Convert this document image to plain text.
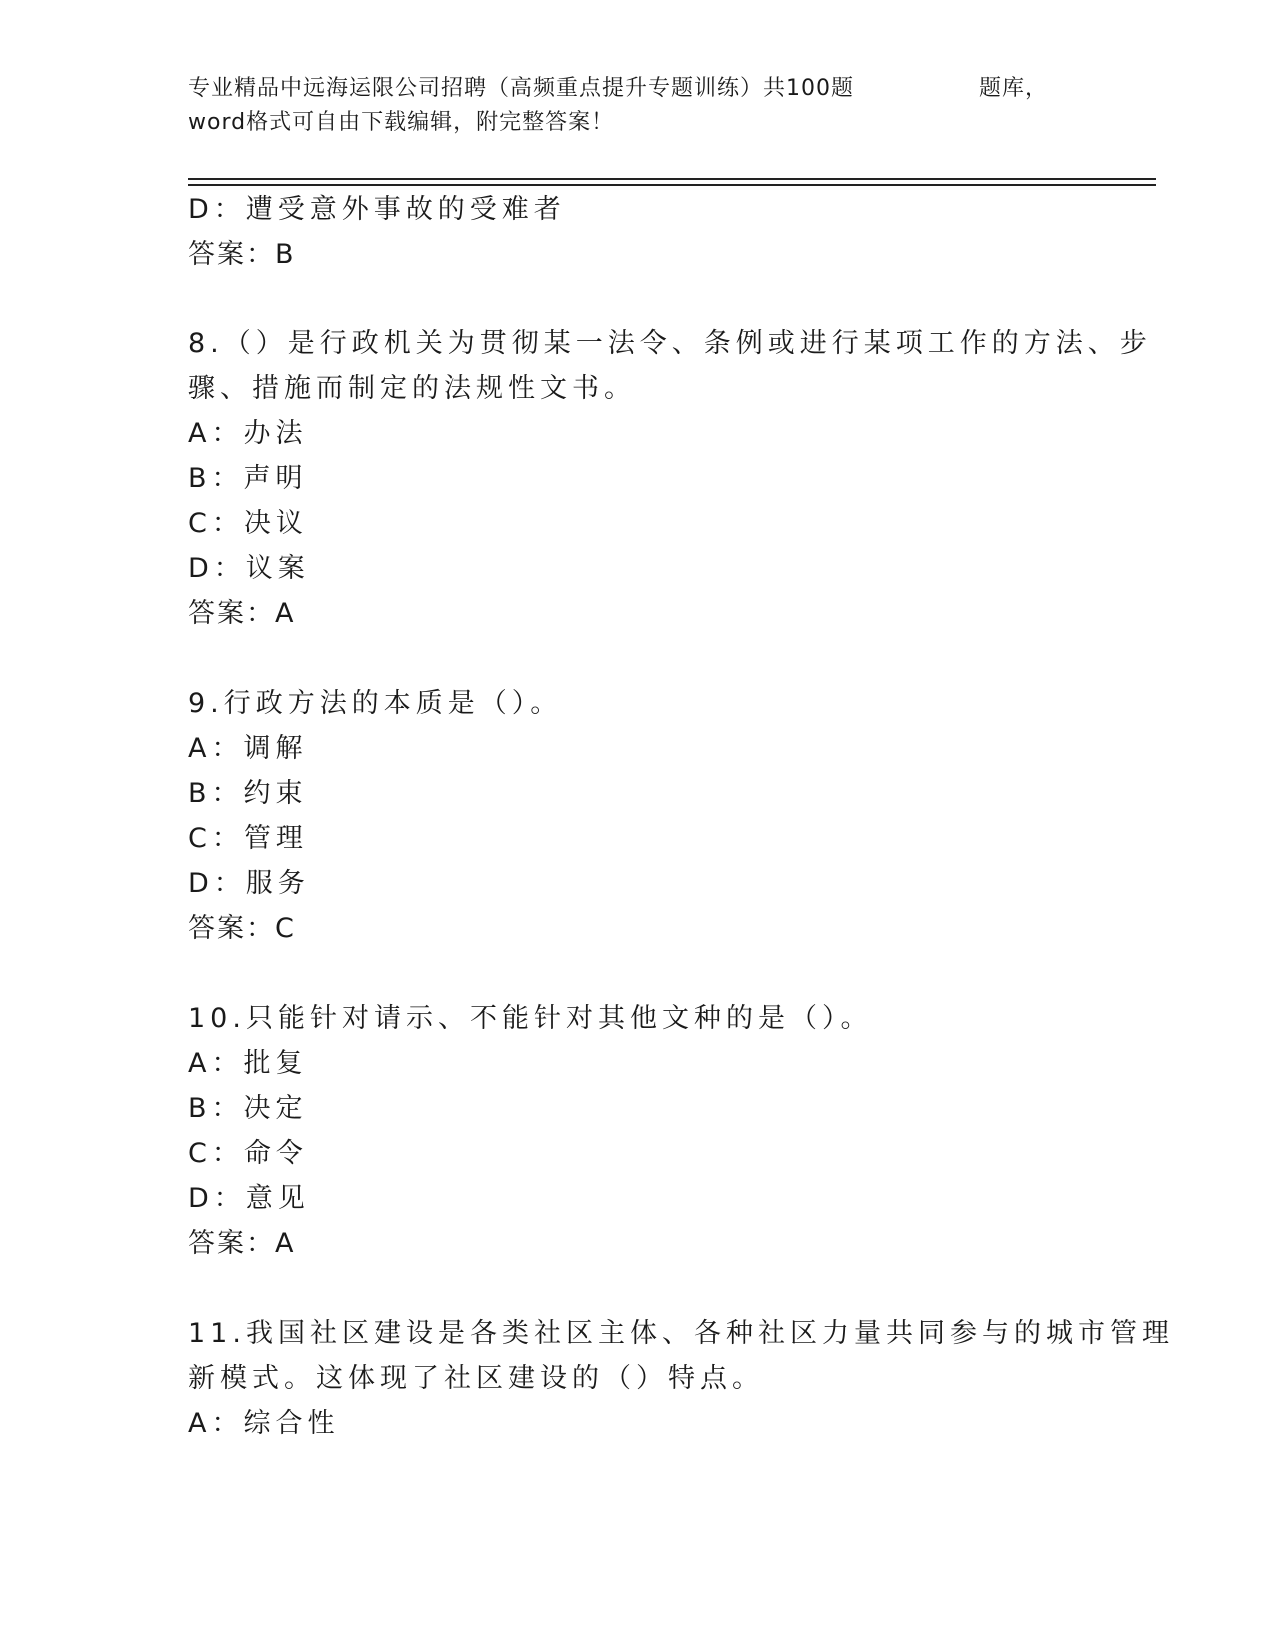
专业精品中远海运限公司招聘（高频重点提升专题训练）共100题	题库，
word格式可自由下载编辑，附完整答案！
D：遭受意外事故的受难者
答案：B
8.（）是行政机关为贯彻某一法令、条例或进行某项工作的方法、步
骤、措施而制定的法规性文书。
A：办法
B：声明
C：决议
D：议案
答案：A
9.行政方法的本质是（）。
A：调解
B：约束
C：管理
D：服务
答案：C
10.只能针对请示、不能针对其他文种的是（）。
A：批复
B：决定
C：命令
D：意见
答案：A
11.我国社区建设是各类社区主体、各种社区力量共同参与的城市管理
新模式。这体现了社区建设的（）特点。
A：综合性
